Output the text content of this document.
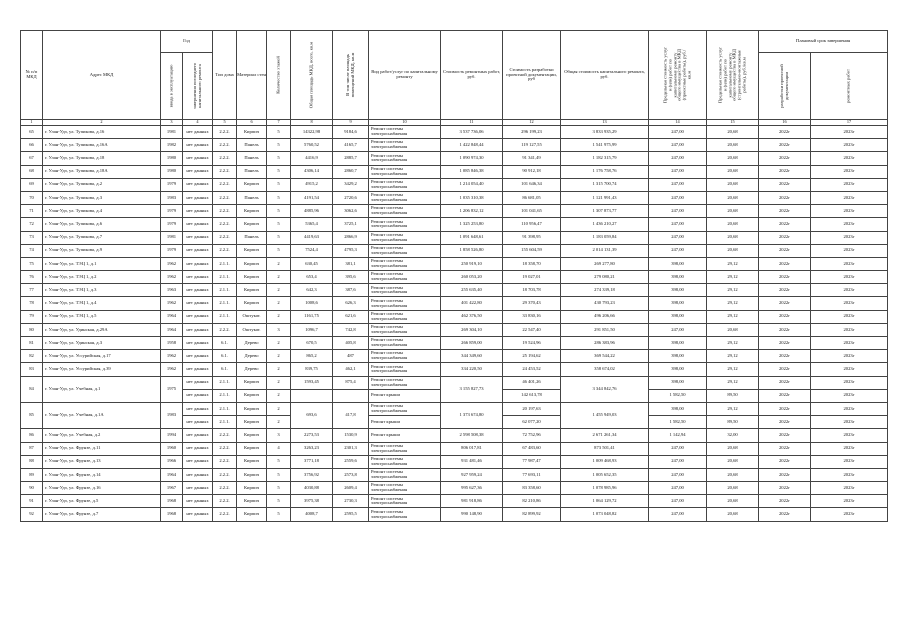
№ п/п МКД	Адрес МКД	Год		Тип дома	Материал стен	Количество этажей	Общая площадь МКД, всего, кв.м	В том числе площадь помещений МКД, кв.м	Вид работ/услуг по капитальному ремонту	Стоимость ремонтных работ, руб.	Стоимость разработки проектной документации, руб	Общая стоимость капитального ремонта, руб.	Предельная стоимость услуг и (или) работ по капитальному ремонту общего имущества в МКД (проектные работы), руб./кв.м	Предельная стоимость услуг и (или) работ по капитальному ремонту общего имущества в МКД (строительно-монтажные работы), руб./кв.м	Плановый срок завершения	

		ввода в эксплуатацию	завершения последнего капитального ремонта												разработки проектной документации	ремонтных работ

1	2	3	4	5	6	7	8	9	10	11	12	13	14	15	16	17
65	г. Улан-Удэ, ул. Тупикова, д.16	1981	нет данных	2.2.2.	Кирпич	5	14322,98	9184,6	Ремонт системы электроснабжения	3 537 736,06	296 199,23	3 833 935,29	247,00	20,68	2022г	2023г
66	г. Улан-Удэ, ул. Тупикова, д.16А	1982	нет данных	2.2.2.	Панель	5	5760,52	4165,7	Ремонт системы электроснабжения	1 422 848,44	119 127,55	1 541 975,99	247,00	20,68	2022г	2023г
67	г. Улан-Удэ, ул. Тупикова, д.18	1980	нет данных	2.2.2.	Панель	5	4416,9	2885,7	Ремонт системы электроснабжения	1 090 974,30	91 341,49	1 182 315,79	247,00	20,68	2022г	2023г
68	г. Улан-Удэ, ул. Тупикова, д.18А	1980	нет данных	2.2.2.	Панель	5	4306,14	2860,7	Ремонт системы электроснабжения	1 085 846,38	90 912,18	1 176 758,76	247,00	20,68	2022г	2023г
69	г. Улан-Удэ, ул. Тупикова, д.2	1979	нет данных	2.2.2.	Кирпич	5	4915,2	3429,2	Ремонт системы электроснабжения	1 214 054,40	101 646,34	1 315 700,74	247,00	20,68	2022г	2023г
70	г. Улан-Удэ, ул. Тупикова, д.3	1983	нет данных	2.2.2.	Панель	5	4191,54	2720,6	Ремонт системы электроснабжения	1 035 310,38	86 681,05	1 121 991,43	247,00	20,68	2022г	2023г
71	г. Улан-Удэ, ул. Тупикова, д.4	1979	нет данных	2.2.2.	Кирпич	5	4885,96	3062,6	Ремонт системы электроснабжения	1 206 832,12	101 041,65	1 307 873,77	247,00	20,68	2022г	2023г
72	г. Улан-Удэ, ул. Тупикова, д.6	1979	нет данных	2.2.2.	Кирпич	5	5365,4	3725,1	Ремонт системы электроснабжения	1 325 253,80	110 956,47	1 436 210,27	247,00	20,68	2022г	2023г
73	г. Улан-Удэ, ул. Тупикова, д.7	1981	нет данных	2.2.2.	Панель	5	4419,63	2866,9	Ремонт системы электроснабжения	1 091 648,61	91 398,95	1 183 059,84	247,00	20,68	2022г	2023г
74	г. Улан-Удэ, ул. Тупикова, д.9	1979	нет данных	2.2.2.	Кирпич	5	7524,4	4795,3	Ремонт системы электроснабжения	1 858 526,80	155 604,59	2 014 131,39	247,00	20,68	2022г	2023г
75	г. Улан-Удэ, ул. ТЭЦ 1, д.1	1962	нет данных	2.1.1.	Кирпич	2	630,45	381,1	Ремонт системы электроснабжения	250 919,10	18 358,70	269 277,80	398,00	29,12	2022г	2023г
76	г. Улан-Удэ, ул. ТЭЦ 1, д.2	1962	нет данных	2.1.1.	Кирпич	2	653,4	395,6	Ремонт системы электроснабжения	260 053,20	19 027,01	279 080,21	398,00	29,12	2022г	2023г
77	г. Улан-Удэ, ул. ТЭЦ 1, д.3	1963	нет данных	2.1.1.	Кирпич	2	642,3	387,6	Ремонт системы электроснабжения	255 635,40	18 703,78	274 339,18	398,00	29,12	2022г	2023г
78	г. Улан-Удэ, ул. ТЭЦ 1, д.4	1962	нет данных	2.1.1.	Кирпич	2	1008,6	626,3	Ремонт системы электроснабжения	401 422,80	29 370,43	430 793,23	398,00	29,12	2022г	2023г
79	г. Улан-Удэ, ул. ТЭЦ 1, д.5	1964	нет данных	2.1.1.	Оштукат.	2	1161,75	621,6	Ремонт системы электроснабжения	462 376,50	33 830,16	496 206,66	398,00	29,12	2022г	2023г
80	г. Улан-Удэ, ул. Удинская, д.29А	1964	нет данных	2.2.2.	Оштукат.	3	1096,7	742,8	Ремонт системы электроснабжения	269 304,10	22 547,40	291 851,50	247,00	20,68	2022г	2023г
81	г. Улан-Удэ, ул. Удинская, д.3	1958	нет данных	6.1.	Дерево	2	670,5	405,8	Ремонт системы электроснабжения	266 859,00	19 524,96	286 383,96	398,00	29,12	2022г	2023г
82	г. Улан-Удэ, ул. Уссурийская, д.17	1962	нет данных	6.1.	Дерево	2	865,2	487	Ремонт системы электроснабжения	344 349,60	25 194,62	369 544,22	398,00	29,12	2022г	2023г
83	г. Улан-Удэ, ул. Уссурийская, д.39	1962	нет данных	6.1.	Дерево	2	839,75	462,1	Ремонт системы электроснабжения	334 220,50	24 453,52	358 674,02	398,00	29,12	2022г	2023г
84	г. Улан-Удэ, ул. Учебная, д.1	1975	нет данных	2.1.1.	Кирпич	2	1593,45	875,4	Ремонт системы электроснабжения	3 155 827,73	46 401,26	3 344 842,76	398,00	29,12	2022г	2023г
			нет данных	2.1.1.	Кирпич	2			Ремонт крыши		142 613,78		1 582,50	89,50	2022г	2023г
85	г. Улан-Удэ, ул. Учебная, д.1А	1983	нет данных	2.1.1.	Кирпич	2	693,6	417,8	Ремонт системы электроснабжения	1 373 674,80	20 197,63	1 455 949,03	398,00	29,12	2022г	2023г
			нет данных	2.1.1.	Кирпич	2			Ремонт крыши		62 077,20		1 582,50	89,50	2022г	2023г
86	г. Улан-Удэ, ул. Учебная, д.2	1994	нет данных	2.2.2.	Кирпич	3	2273,53	1530,9	Ремонт крыши	2 598 508,38	72 752,96	2 671 261,34	1 142,94	32,00	2022г	2023г
87	г. Улан-Удэ, ул. Фрунзе, д.11	1960	нет данных	2.2.2.	Кирпич	4	3263,23	2301,3	Ремонт системы электроснабжения	806 017,81	67 483,60	873 501,41	247,00	20,68	2022г	2023г
88	г. Улан-Удэ, ул. Фрунзе, д.13	1966	нет данных	2.2.2.	Кирпич	5	3771,18	2559,6	Ремонт системы электроснабжения	931 481,46	77 987,47	1 009 468,93	247,00	20,68	2022г	2023г
89	г. Улан-Удэ, ул. Фрунзе, д.14	1964	нет данных	2.2.2.	Кирпич	5	3756,92	2573,8	Ремонт системы электроснабжения	927 959,24	77 693,11	1 005 652,35	247,00	20,68	2022г	2023г
90	г. Улан-Удэ, ул. Фрунзе, д.16	1967	нет данных	2.2.2.	Кирпич	5	4030,88	2609,4	Ремонт системы электроснабжения	995 627,36	83 358,60	1 078 985,96	247,00	20,68	2022г	2023г
91	г. Улан-Удэ, ул. Фрунзе, д.5	1968	нет данных	2.2.2.	Кирпич	5	3975,38	2730,3	Ремонт системы электроснабжения	981 918,86	82 210,86	1 064 129,72	247,00	20,68	2022г	2023г
92	г. Улан-Удэ, ул. Фрунзе, д.7	1968	нет данных	2.2.2.	Кирпич	5	4008,7	2595,5	Ремонт системы электроснабжения	990 148,90	82 899,92	1 073 048,82	247,00	20,68	2022г	2023г
